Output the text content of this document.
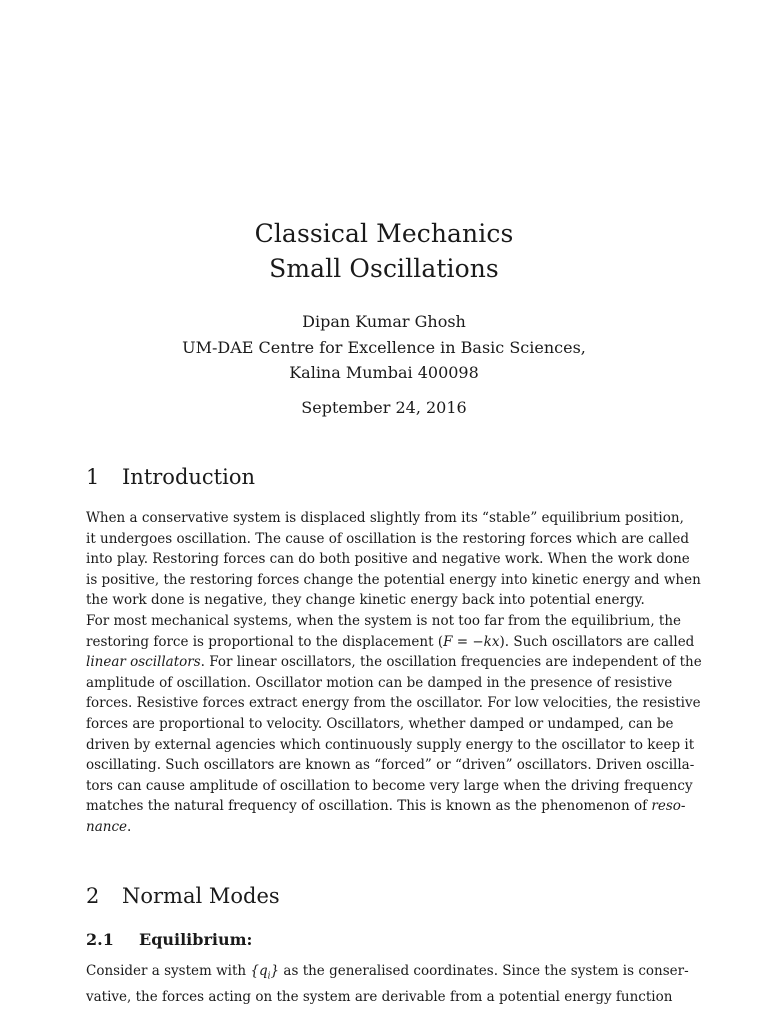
Classical Mechanics
Small Oscillations
Dipan Kumar Ghosh
UM-DAE Centre for Excellence in Basic Sciences,
Kalina Mumbai 400098
September 24, 2016
1 Introduction
When a conservative system is displaced slightly from its “stable” equilibrium position,
it undergoes oscillation. The cause of oscillation is the restoring forces which are called
into play. Restoring forces can do both positive and negative work. When the work done
is positive, the restoring forces change the potential energy into kinetic energy and when
the work done is negative, they change kinetic energy back into potential energy.
For most mechanical systems, when the system is not too far from the equilibrium, the
restoring force is proportional to the displacement (F = −kx). Such oscillators are called
linear oscillators. For linear oscillators, the oscillation frequencies are independent of the
amplitude of oscillation. Oscillator motion can be damped in the presence of resistive
forces. Resistive forces extract energy from the oscillator. For low velocities, the resistive
forces are proportional to velocity. Oscillators, whether damped or undamped, can be
driven by external agencies which continuously supply energy to the oscillator to keep it
oscillating. Such oscillators are known as “forced” or “driven” oscillators. Driven oscilla-
tors can cause amplitude of oscillation to become very large when the driving frequency
matches the natural frequency of oscillation. This is known as the phenomenon of reso-
nance.
2 Normal Modes
2.1 Equilibrium:
Consider a system with $\{q_i\}$ as the generalised coordinates. Since the system is conser-
vative, the forces acting on the system are derivable from a potential energy function
